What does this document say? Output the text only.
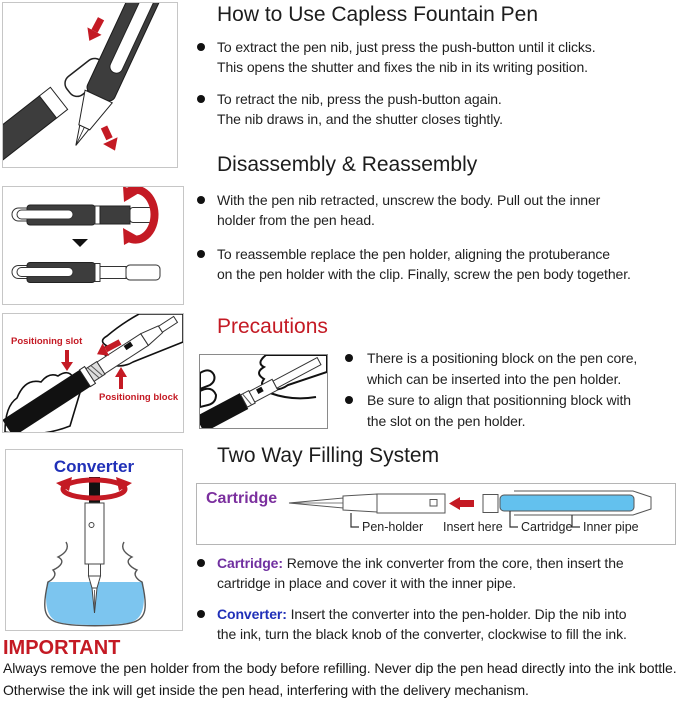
Positioning slot
Positioning block
Converter
How to Use Capless Fountain Pen
To extract the pen nib, just press the push-button until it clicks.
This opens the shutter and fixes the nib in its writing position.
To retract the nib, press the push-button again.
The nib draws in, and the shutter closes tightly.
Disassembly & Reassembly
With the pen nib retracted, unscrew the body. Pull out the inner
holder from the pen head.
To reassemble replace the pen holder, aligning the protuberance
on the pen holder with the clip. Finally, screw the pen body together.
Precautions
There is a positioning block on the pen core,
which can be inserted into the pen holder.
Be sure to align that positionning block with
the slot on the pen holder.
Two Way Filling System
Cartridge
Pen-holder Insert here Cartridge Inner pipe
Cartridge: Remove the ink converter from the core, then insert the
cartridge in place and cover it with the inner pipe.
Converter: Insert the converter into the pen-holder. Dip the nib into
the ink, turn the black knob of the converter, clockwise to fill the ink.
IMPORTANT
Always remove the pen holder from the body before refilling. Never dip the pen head directly into the ink bottle.
Otherwise the ink will get inside the pen head, interfering with the delivery mechanism.
